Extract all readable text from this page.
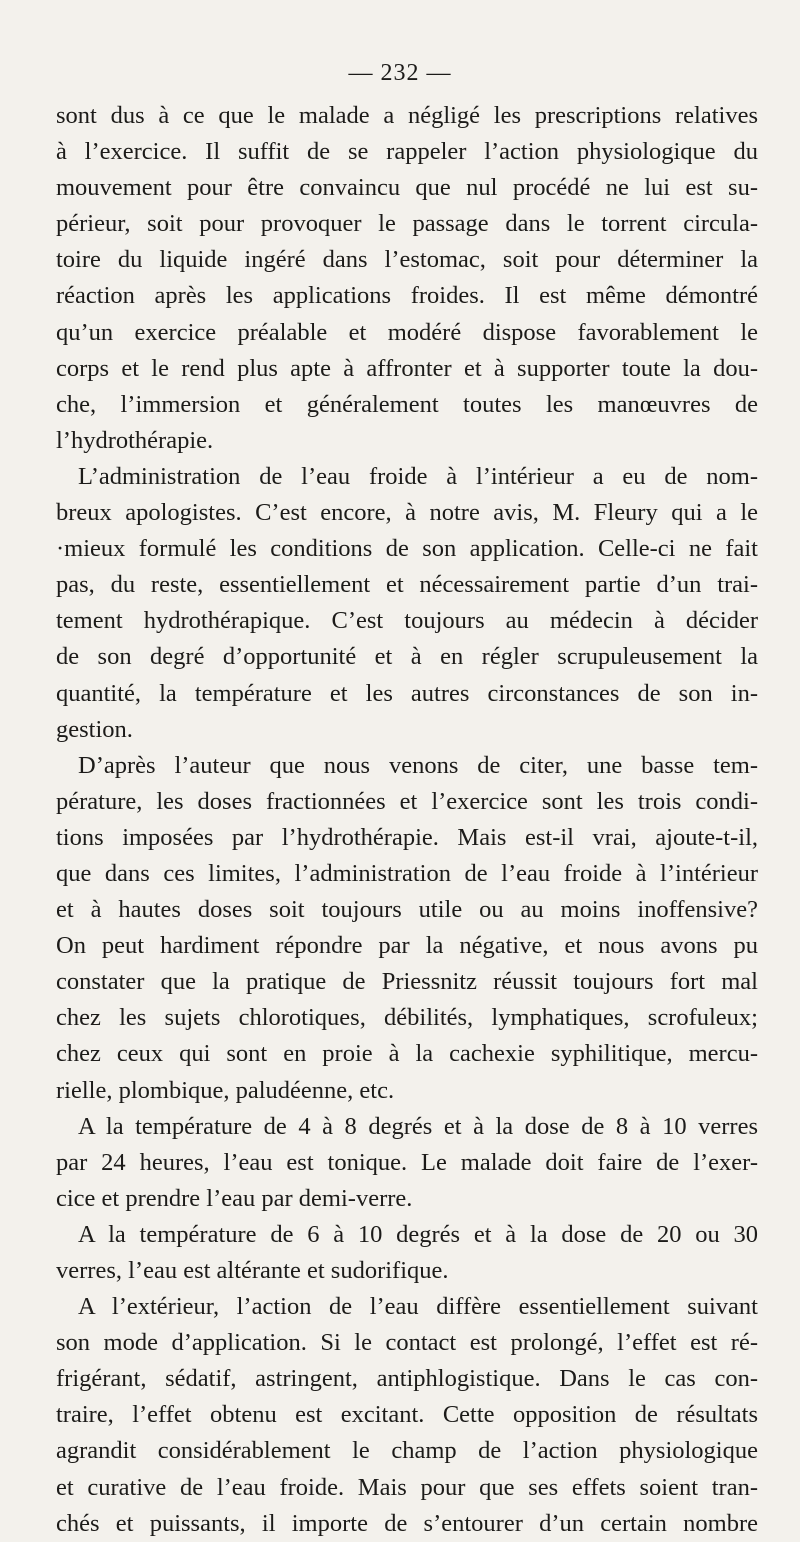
— 232 —
sont dus à ce que le malade a négligé les prescriptions relatives
à l’exercice. Il suffit de se rappeler l’action physiologique du
mouvement pour être convaincu que nul procédé ne lui est su-
périeur, soit pour provoquer le passage dans le torrent circula-
toire du liquide ingéré dans l’estomac, soit pour déterminer la
réaction après les applications froides. Il est même démontré
qu’un exercice préalable et modéré dispose favorablement le
corps et le rend plus apte à affronter et à supporter toute la dou-
che, l’immersion et généralement toutes les manœuvres de
l’hydrothérapie.
L’administration de l’eau froide à l’intérieur a eu de nom-
breux apologistes. C’est encore, à notre avis, M. Fleury qui a le
·mieux formulé les conditions de son application. Celle-ci ne fait
pas, du reste, essentiellement et nécessairement partie d’un trai-
tement hydrothérapique. C’est toujours au médecin à décider
de son degré d’opportunité et à en régler scrupuleusement la
quantité, la température et les autres circonstances de son in-
gestion.
D’après l’auteur que nous venons de citer, une basse tem-
pérature, les doses fractionnées et l’exercice sont les trois condi-
tions imposées par l’hydrothérapie. Mais est-il vrai, ajoute-t-il,
que dans ces limites, l’administration de l’eau froide à l’intérieur
et à hautes doses soit toujours utile ou au moins inoffensive?
On peut hardiment répondre par la négative, et nous avons pu
constater que la pratique de Priessnitz réussit toujours fort mal
chez les sujets chlorotiques, débilités, lymphatiques, scrofuleux;
chez ceux qui sont en proie à la cachexie syphilitique, mercu-
rielle, plombique, paludéenne, etc.
A la température de 4 à 8 degrés et à la dose de 8 à 10 verres
par 24 heures, l’eau est tonique. Le malade doit faire de l’exer-
cice et prendre l’eau par demi-verre.
A la température de 6 à 10 degrés et à la dose de 20 ou 30
verres, l’eau est altérante et sudorifique.
A l’extérieur, l’action de l’eau diffère essentiellement suivant
son mode d’application. Si le contact est prolongé, l’effet est ré-
frigérant, sédatif, astringent, antiphlogistique. Dans le cas con-
traire, l’effet obtenu est excitant. Cette opposition de résultats
agrandit considérablement le champ de l’action physiologique
et curative de l’eau froide. Mais pour que ses effets soient tran-
chés et puissants, il importe de s’entourer d’un certain nombre
